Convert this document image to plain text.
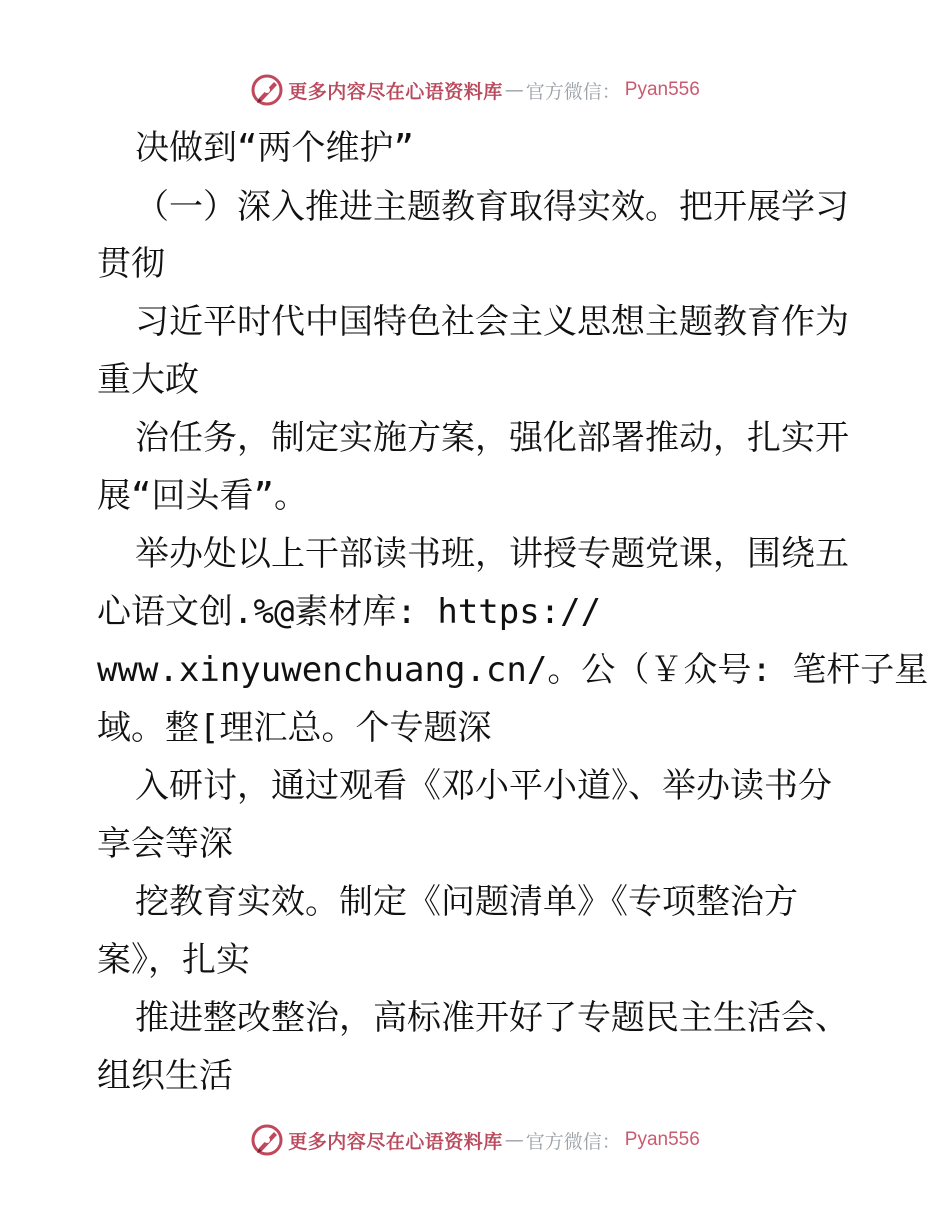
更多内容尽在心语资料库 — 官方微信 ： Pyan556
决做到“两个维护”
（一）深入推进主题教育取得实效。把开展学习
贯彻
习近平时代中国特色社会主义思想主题教育作为
重大政
治任务，制定实施方案，强化部署推动，扎实开
展“回头看”。
举办处以上干部读书班，讲授专题党课，围绕五
心语文创.%@素材库: https://
www.xinyuwenchuang.cn/。公（￥众号: 笔杆子星
域。整[理汇总。个专题深
入研讨，通过观看《邓小平小道》、举办读书分
享会等深
挖教育实效。制定《问题清单》《专项整治方
案》，扎实
推进整改整治，高标准开好了专题民主生活会、
组织生活
更多内容尽在心语资料库 — 官方微信 ： Pyan556
